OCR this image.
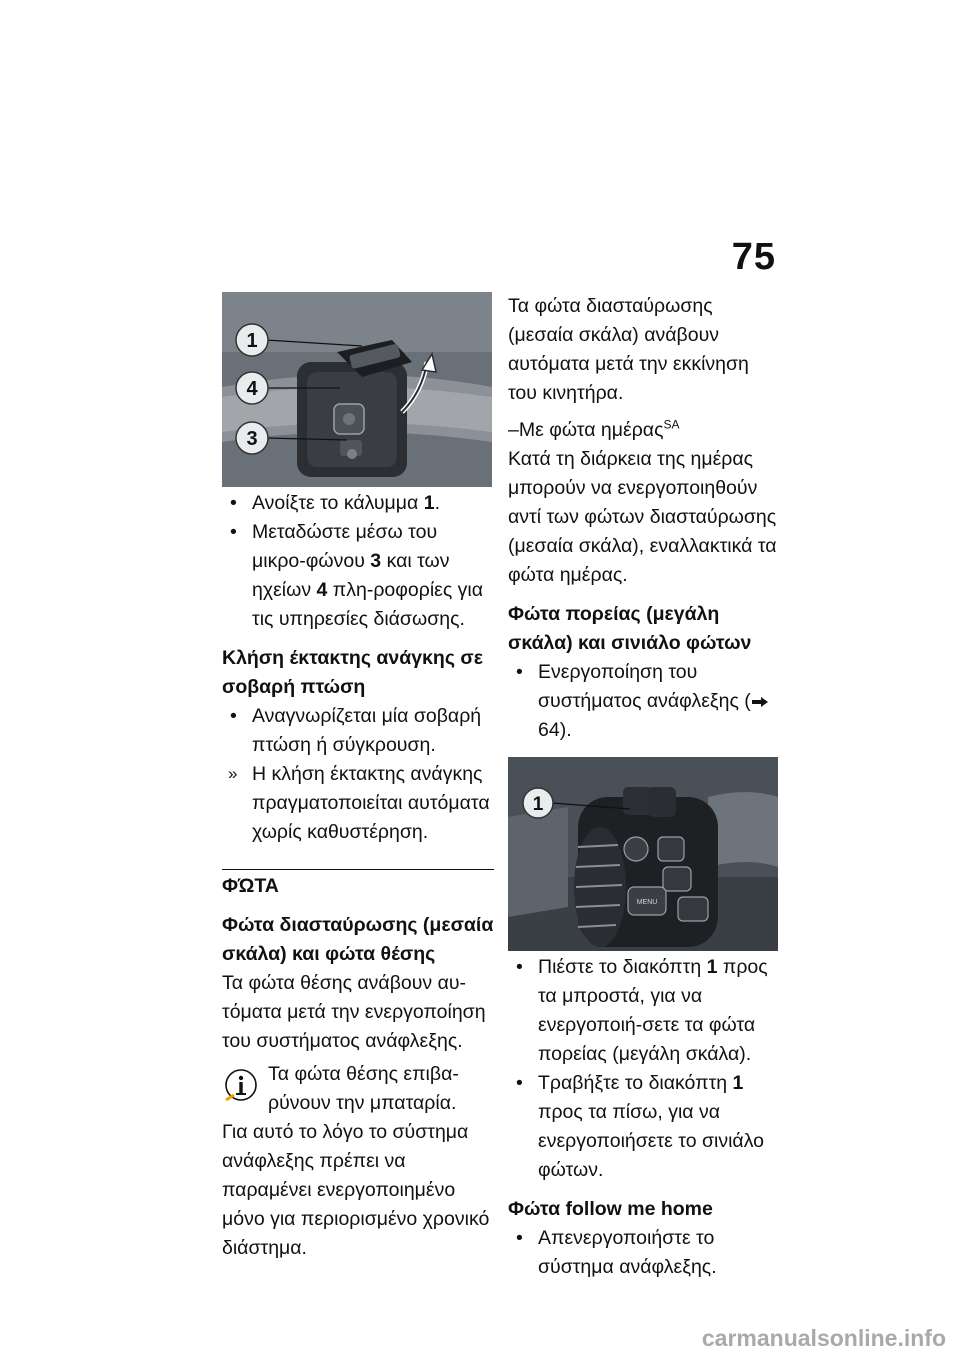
75
1
4
3
• Ανοίξτε το κάλυμμα 1.
• Μεταδώστε μέσω του μικρο-φώνου 3 και των ηχείων 4 πλη-ροφορίες για τις υπηρεσίες διάσωσης.
Κλήση έκτακτης ανάγκης σε σοβαρή πτώση
• Αναγνωρίζεται μία σοβαρή πτώση ή σύγκρουση.
» Η κλήση έκτακτης ανάγκης πραγματοποιείται αυτόματα χωρίς καθυστέρηση.
ΦΏΤΑ
Φώτα διασταύρωσης (μεσαία σκάλα) και φώτα θέσης

Τα φώτα θέσης ανάβουν αυ-τόματα μετά την ενεργοποίηση του συστήματος ανάφλεξης.

Τα φώτα θέσης επιβα-ρύνουν την μπαταρία.

Για αυτό το λόγο το σύστημα ανάφλεξης πρέπει να παραμένει ενεργοποιημένο μόνο για περιορισμένο χρονικό διάστημα.

Τα φώτα διασταύρωσης (μεσαία σκάλα) ανάβουν αυτόματα μετά την εκκίνηση του κινητήρα.

–Με φώτα ημέρας$^{SA}$

Κατά τη διάρκεια της ημέρας μπορούν να ενεργοποιηθούν αντί των φώτων διασταύρωσης (μεσαία σκάλα), εναλλακτικά τα φώτα ημέρας.

Φώτα πορείας (μεγάλη σκάλα) και σινιάλο φώτων
• Ενεργοποίηση του συστήματος ανάφλεξης ( 64).
MENU
1
• Πιέστε το διακόπτη 1 προς τα μπροστά, για να ενεργοποιή-σετε τα φώτα πορείας (μεγάλη σκάλα).
• Τραβήξτε το διακόπτη 1 προς τα πίσω, για να ενεργοποιήσετε το σινιάλο φώτων.
Φώτα follow me home
• Απενεργοποιήστε το σύστημα ανάφλεξης.
carmanualsonline.info
